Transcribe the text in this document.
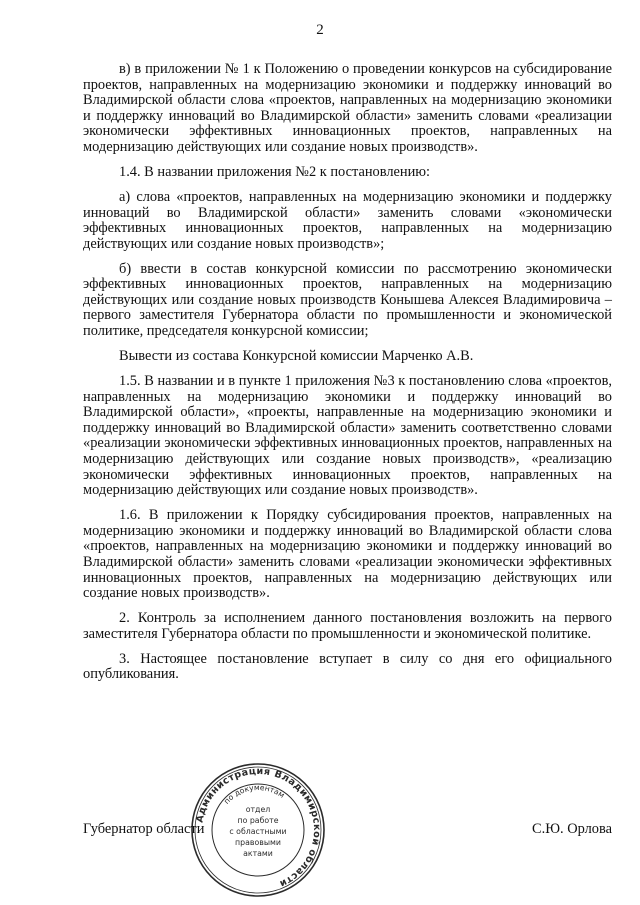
2

в) в приложении № 1 к Положению о проведении конкурсов на субсидирование проектов, направленных на модернизацию экономики и поддержку инноваций во Владимирской области слова «проектов, направленных на модернизацию экономики и поддержку инноваций во Владимирской области» заменить словами «реализации экономически эффективных инновационных проектов, направленных на модернизацию действующих или создание новых производств».

1.4. В названии приложения №2 к постановлению:

а) слова «проектов, направленных на модернизацию экономики и поддержку инноваций во Владимирской области» заменить словами «экономически эффективных инновационных проектов, направленных на модернизацию действующих или создание новых производств»;

б) ввести в состав конкурсной комиссии по рассмотрению экономически эффективных инновационных проектов, направленных на модернизацию действующих или создание новых производств Конышева Алексея Владимировича – первого заместителя Губернатора области по промышленности и экономической политике, председателя конкурсной комиссии;

Вывести из состава Конкурсной комиссии Марченко А.В.

1.5. В названии и в пункте 1 приложения №3 к постановлению слова «проектов, направленных на модернизацию экономики и поддержку инноваций во Владимирской области», «проекты, направленные на модернизацию экономики и поддержку инноваций во Владимирской области» заменить соответственно словами «реализации экономически эффективных инновационных проектов, направленных на модернизацию действующих или создание новых производств», «реализацию экономически эффективных инновационных проектов, направленных на модернизацию действующих или создание новых производств».

1.6. В приложении к Порядку субсидирования проектов, направленных на модернизацию экономики и поддержку инноваций во Владимирской области слова «проектов, направленных на модернизацию экономики и поддержку инноваций во Владимирской области» заменить словами «реализации экономически эффективных инновационных проектов, направленных на модернизацию действующих или создание новых производств».

2. Контроль за исполнением данного постановления возложить на первого заместителя Губернатора области по промышленности и экономической политике.

3. Настоящее постановление вступает в силу со дня его официального опубликования.

Администрация Владимирской области
по документам
отдел
по работе
с областными
правовыми
актами
Губернатор области	С.Ю. Орлова
